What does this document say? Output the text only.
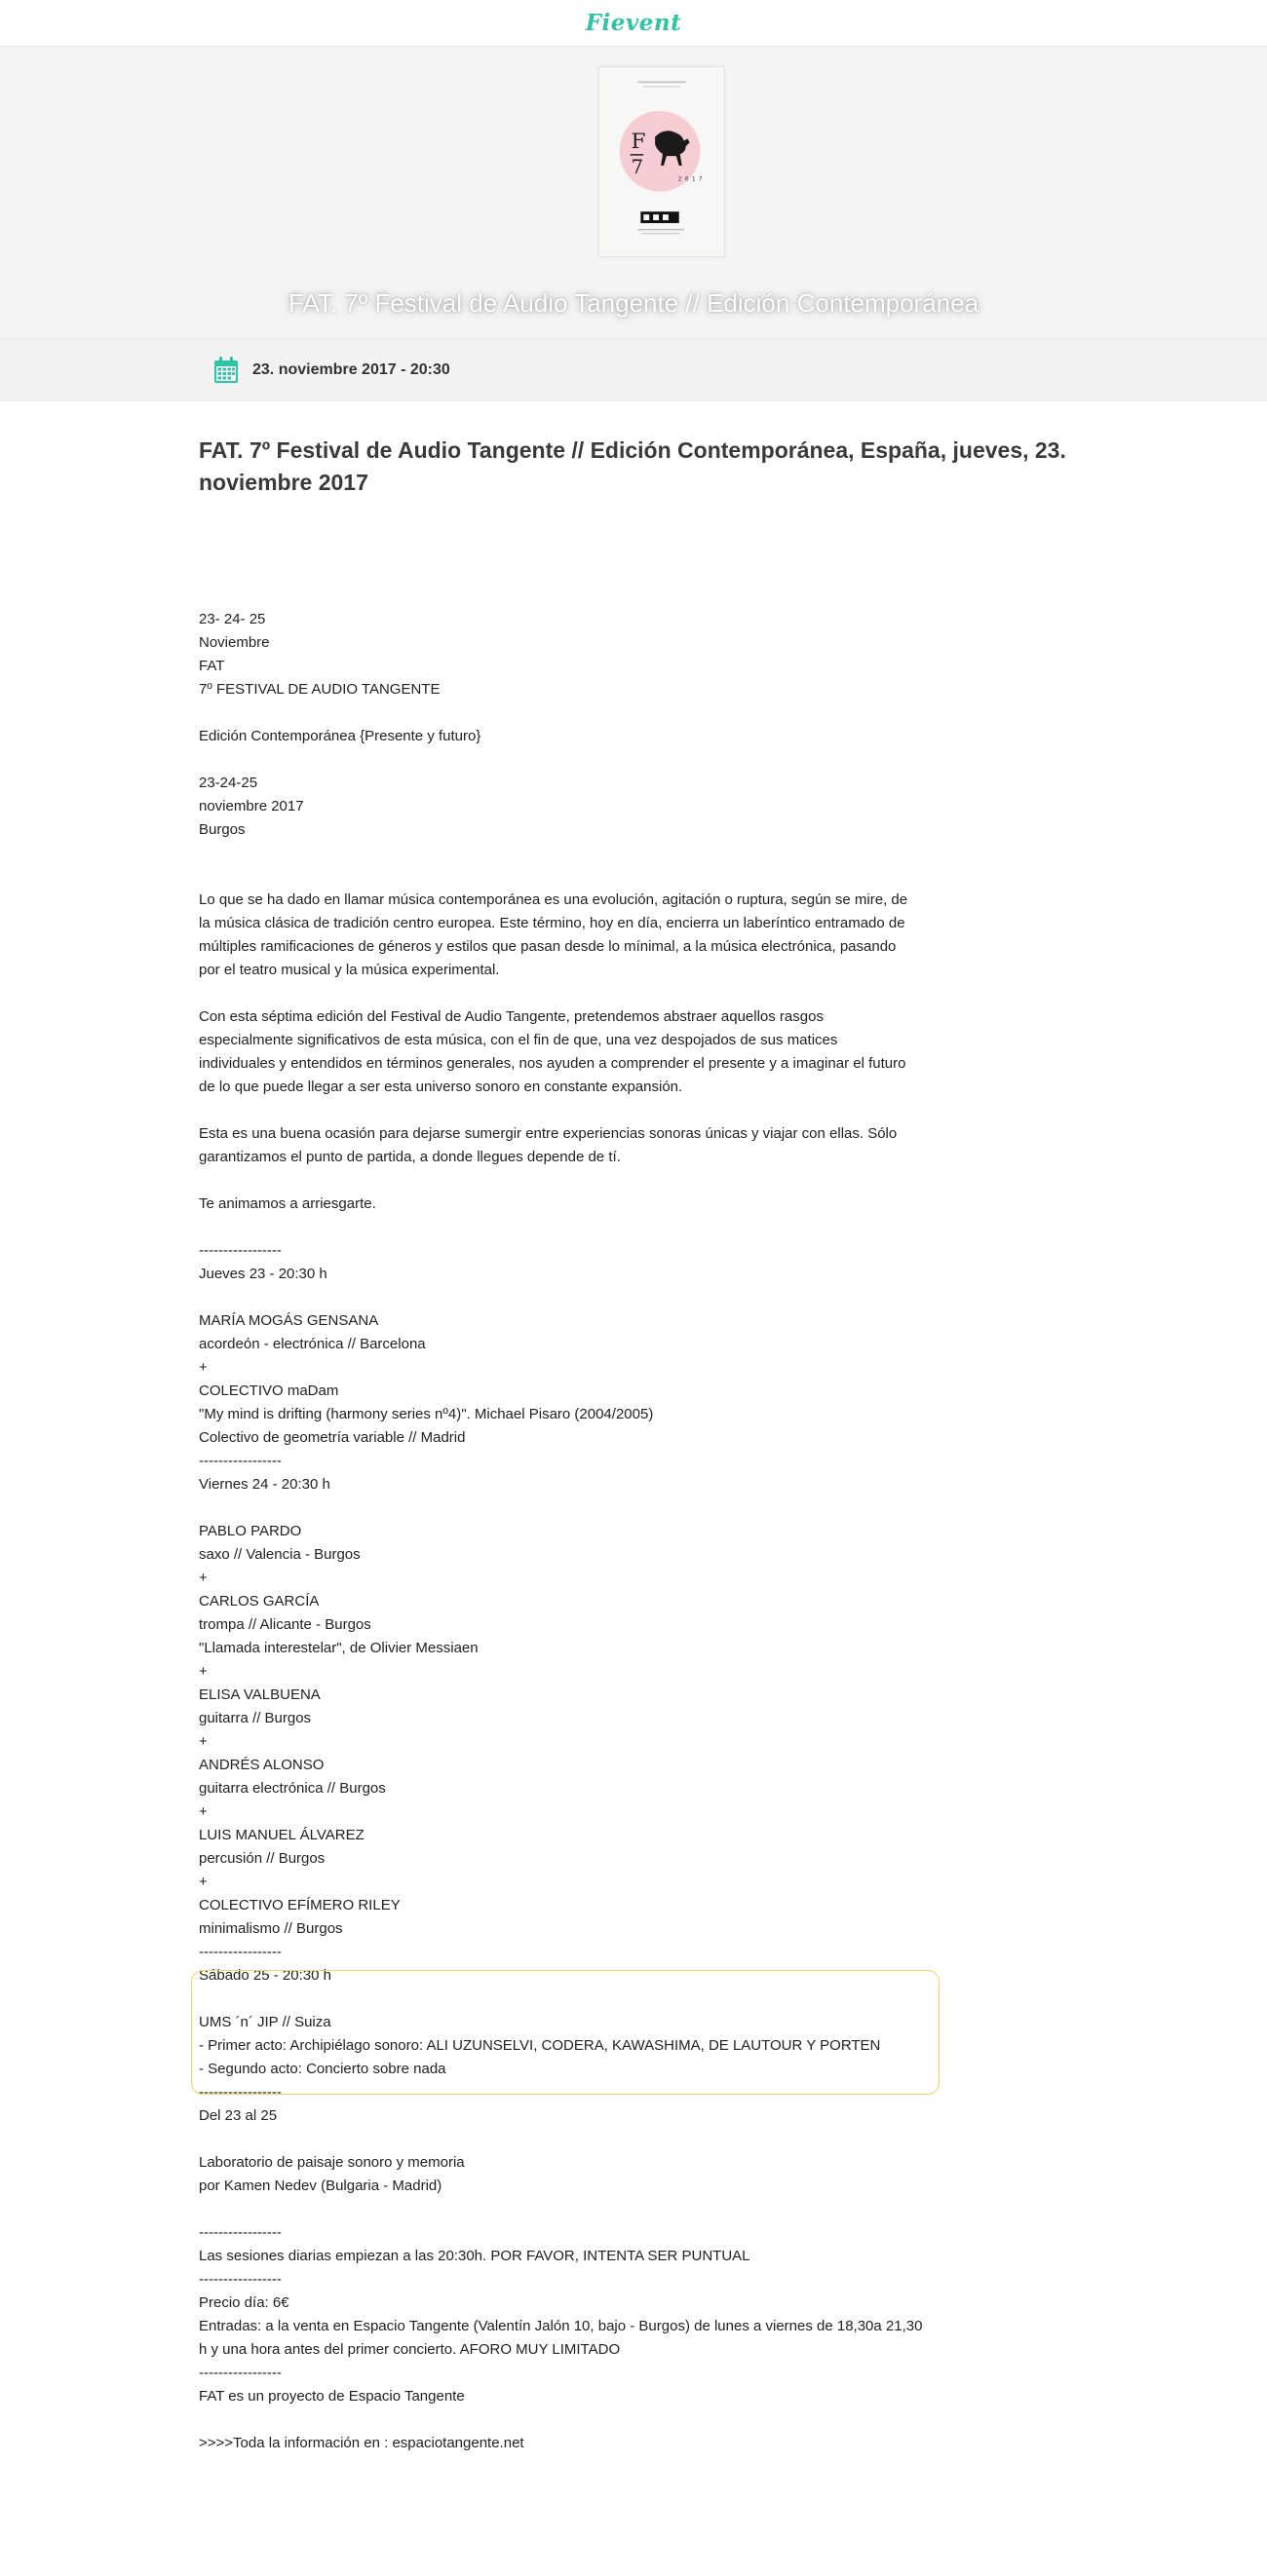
Fievent
F
7
2 0 1 7
FAT. 7º Festival de Audio Tangente // Edición Contemporánea
23. noviembre 2017 - 20:30
FAT. 7º Festival de Audio Tangente // Edición Contemporánea, España, jueves, 23. noviembre 2017
23- 24- 25
Noviembre
FAT
7º FESTIVAL DE AUDIO TANGENTE
Edición Contemporánea {Presente y futuro}
23-24-25
noviembre 2017
Burgos
Lo que se ha dado en llamar música contemporánea es una evolución, agitación o ruptura, según se mire, de
la música clásica de tradición centro europea. Este término, hoy en día, encierra un laberíntico entramado de
múltiples ramificaciones de géneros y estilos que pasan desde lo mínimal, a la música electrónica, pasando
por el teatro musical y la música experimental.
Con esta séptima edición del Festival de Audio Tangente, pretendemos abstraer aquellos rasgos
especialmente significativos de esta música, con el fin de que, una vez despojados de sus matices
individuales y entendidos en términos generales, nos ayuden a comprender el presente y a imaginar el futuro
de lo que puede llegar a ser esta universo sonoro en constante expansión.
Esta es una buena ocasión para dejarse sumergir entre experiencias sonoras únicas y viajar con ellas. Sólo
garantizamos el punto de partida, a donde llegues depende de tí.
Te animamos a arriesgarte.
-----------------
Jueves 23 - 20:30 h
MARÍA MOGÁS GENSANA
acordeón - electrónica // Barcelona
+
COLECTIVO maDam
"My mind is drifting (harmony series nº4)". Michael Pisaro (2004/2005)
Colectivo de geometría variable // Madrid
-----------------
Viernes 24 - 20:30 h
PABLO PARDO
saxo // Valencia - Burgos
+
CARLOS GARCÍA
trompa // Alicante - Burgos
"Llamada interestelar", de Olivier Messiaen
+
ELISA VALBUENA
guitarra // Burgos
+
ANDRÉS ALONSO
guitarra electrónica // Burgos
+
LUIS MANUEL ÁLVAREZ
percusión // Burgos
+
COLECTIVO EFÍMERO RILEY
minimalismo // Burgos
-----------------
Sábado 25 - 20:30 h
UMS ´n´ JIP // Suiza
- Primer acto: Archipiélago sonoro: ALI UZUNSELVI, CODERA, KAWASHIMA, DE LAUTOUR Y PORTEN
- Segundo acto: Concierto sobre nada
-----------------
Del 23 al 25
Laboratorio de paisaje sonoro y memoria
por Kamen Nedev (Bulgaria - Madrid)
-----------------
Las sesiones diarias empiezan a las 20:30h. POR FAVOR, INTENTA SER PUNTUAL
-----------------
Precio día: 6€
Entradas: a la venta en Espacio Tangente (Valentín Jalón 10, bajo - Burgos) de lunes a viernes de 18,30a 21,30
h y una hora antes del primer concierto. AFORO MUY LIMITADO
-----------------
FAT es un proyecto de Espacio Tangente
>>>>Toda la información en : espaciotangente.net
